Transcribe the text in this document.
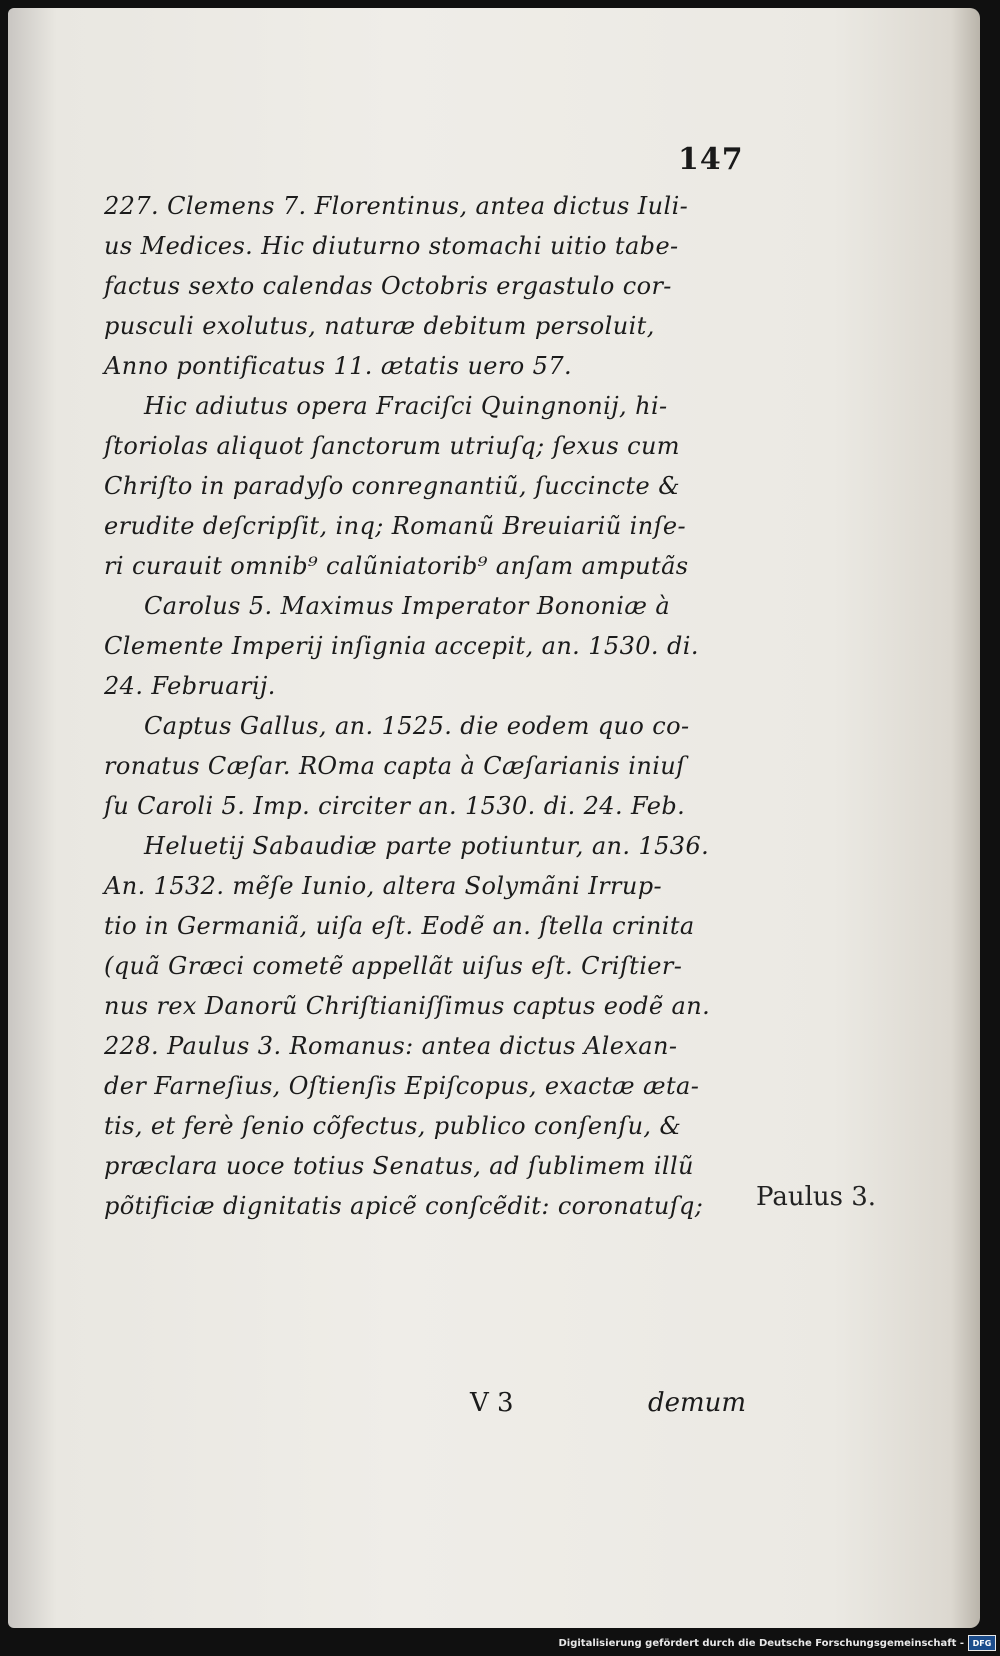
147
227. Clemens 7. Florentinus, antea dictus Iuli-
us Medices. Hic diuturno stomachi uitio tabe-
factus sexto calendas Octobris ergastulo cor-
pusculi exolutus, naturæ debitum persoluit,
Anno pontificatus 11. ætatis uero 57.
Hic adiutus opera Fraciſci Quingnonij, hi-
ſtoriolas aliquot ſanctorum utriuſq; ſexus cum
Chriſto in paradyſo conregnantiũ, ſuccincte &
erudite deſcripſit, inq; Romanũ Breuiariũ inſe-
ri curauit omnib⁹ calũniatorib⁹ anſam amputãs
Carolus 5. Maximus Imperator Bononiæ à
Clemente Imperij inſignia accepit, an. 1530. di.
24. Februarij.
Captus Gallus, an. 1525. die eodem quo co-
ronatus Cæſar. ROma capta à Cæſarianis iniuſ
ſu Caroli 5. Imp. circiter an. 1530. di. 24. Feb.
Heluetij Sabaudiæ parte potiuntur, an. 1536.
An. 1532. mẽſe Iunio, altera Solymãni Irrup-
tio in Germaniã, uiſa eſt. Eodẽ an. ſtella crinita
(quã Græci cometẽ appellãt uiſus eſt. Criſtier-
nus rex Danorũ Chriſtianiſſimus captus eodẽ an.
228. Paulus 3. Romanus: antea dictus Alexan-
der Farneſius, Oſtienſis Epiſcopus, exactæ æta-
tis, et ferè ſenio cõfectus, publico conſenſu, &
præclara uoce totius Senatus, ad ſublimem illũ
põtificiæ dignitatis apicẽ conſcẽdit: coronatuſq;	Paulus 3.
V 3	demum
Digitalisierung gefördert durch die Deutsche Forschungsgemeinschaft -	DFG
